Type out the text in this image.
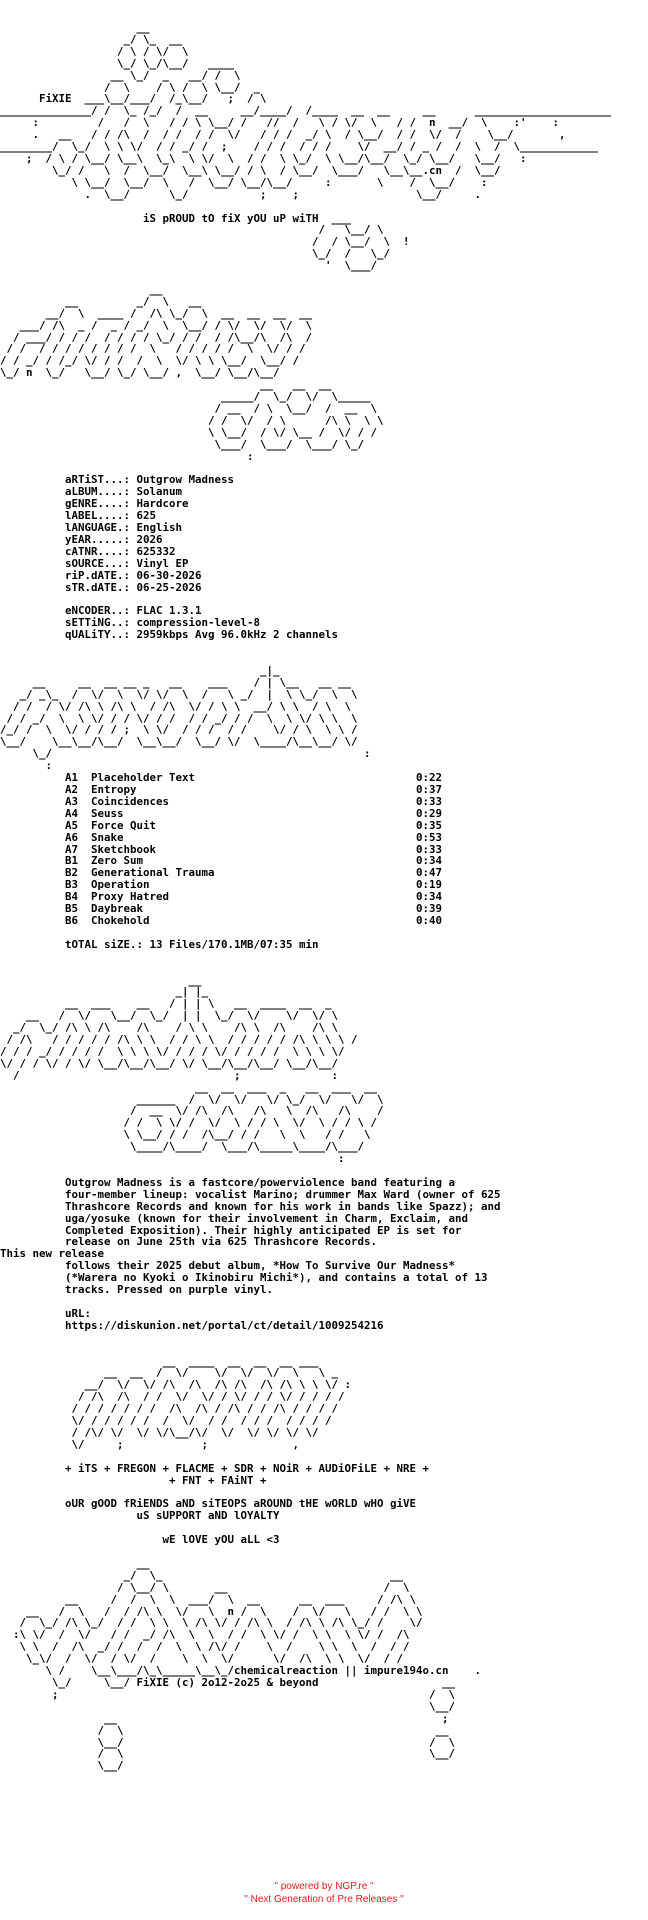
__
_/ \_  __
/ \ / \/  \
\_/ \_/\__/   ____
__ \_/  _   __/ /  \
/  \    / \ /  \ \__/  _
FiXIE  ___\__/___/  /_\__/   ;  / \
______________/ /  \_ /_/  /  __     __/____/  /____  __  __     __      _____________________
:         /   /  \   / / \ \__/ /   //  /   \ / \/  \   / /  n  __/  \    :'    :
.   __   / / /\  /  / /  / /  \/   / / /  _/ \  / \__/  / /  \/  /    \__/       ,
________/  \_/  \ \ \/  / / _/ /  ;    / / /  / / /    \/  __/ / _ /  /  \  /  \____________
;  / \ / \__/ \__\  \_\  \ \/  \  / /  \ \_/  \ \__/\__/  \_/ \__/   \__/   :
\_/ /   \  /  \__/  \__\ \__/ / \  / \__/  \___/   \__\__.cn  /  \__/
\ \__/  \__/  \   /  \__/ \__/\__/     :       \    /  \__/    :
.  \__/      \_/           ;    ;                  \__/     .

iS pROUD tO fiX yOU uP wiTH  ___
/   \__/ \
/  / \__/  \  !
\_/  /   \_/
'  \___/

__
__         _/  \   __
__/  \  ____ /  /\ \_/  \  __  __  __  __
___/ /\  _ /  _ / _/  \  \__/ / \/  \/  \/  \
/ ___/ / / /  / / / / \_/ / /  / /\__/\  /\  /
/ /  / / / / / / / /  \   / / / / /  \  \/ / /
/ / _/ / /_/ \/ / /  /  \  \/ \ \ \__/  \__/ /
\_/ n  \_/   \__/ \_/ \__/ ,  \__/ \__/\__/
__   __  __
_____/  \_/  \/  \_____
/ __  / \  \__/  /  __  \
/ /  \/  / \      /\ \  \ \
\ \__/  / \/ \__ /  \/ / /
\___/  \___/  \___/ \_/
:

aRTiST...: Outgrow Madness
aLBUM....: Solanum
gENRE....: Hardcore
lABEL....: 625
lANGUAGE.: English
yEAR.....: 2026
cATNR....: 625332
sOURCE...: Vinyl EP
riP.dATE.: 06-30-2026
sTR.dATE.: 06-25-2026

eNCODER..: FLAC 1.3.1
sETTiNG..: compression-level-8
qUALiTY..: 2959kbps Avg 96.0kHz 2 channels

_|_
__     __  __ __ _   __    ___    / | \__   __ __
_/ _\_  /  \/  \  \/ \/  \  /   \ _/  |  \ \_/  \  \
/ /  / \/ /\ \ /\ \  / /\  \/ / \ \  __/ \ \  / \  \
/ / _/  \  \ \/ / / \/ / /  / / _/ / /  \  \ \/ \ \  \
/_/ /  \  \/ / / / ;  \ \/  / / /  / /    \/ / \  \ \ /
\__/    \__\__/\__/  \__\__/  \__/ \/  \____/\__\__/ \/
\_/                                                :
:
A1  Placeholder Text                                  0:22
A2  Entropy                                           0:37
A3  Coincidences                                      0:33
A4  Seuss                                             0:29
A5  Force Quit                                        0:35
A6  Snake                                             0:53
A7  Sketchbook                                        0:33
B1  Zero Sum                                          0:34
B2  Generational Trauma                               0:47
B3  Operation                                         0:19
B4  Proxy Hatred                                      0:34
B5  Daybreak                                          0:39
B6  Chokehold                                         0:40

tOTAL siZE.: 13 Files/170.1MB/07:35 min

__
_| |_
__  ___    __   / | | \   __  ____  __  _
__   /  \/   \__/  \_/  | |  \_/  \/    \/  \/ \
_/  \_/ /\ \ /\    /\    / \ \    /\ \  /\    /\ \
/ /\   / / / / / /\ \ \  / / \ \  / / / / / /\ \ \ \ /
/ / / _/ / / / /  \ \ \ \/ / / / \/ / / / /  \ \ \ \/
\/ / / \/ / \/ \__/\__/\__/ \/ \__/\__/\__/ \__/\__/
/                                 ;              :
__  __  ___  _   __  ___  __
______  /  \/  \/   \/ \_/  \/   \/  \
/  __  \/ /\  /\   /\   \  /\   /\    /
/ /  \ \/ /  \/  \ / / \  \/  \ / / \ /
\ \__/ / /  /\__/ / /   \  \   / /   \
\____/\____/  \___/\_____\____/\___/
:

Outgrow Madness is a fastcore/powerviolence band featuring a
four-member lineup: vocalist Marino; drummer Max Ward (owner of 625
Thrashcore Records and known for his work in bands like Spazz); and
uga/yosuke (known for their involvement in Charm, Exclaim, and
Completed Exposition). Their highly anticipated EP is set for
release on June 25th via 625 Thrashcore Records.
This new release
follows their 2025 debut album, *How To Survive Our Madness*
(*Warera no Kyoki o Ikinobiru Michi*), and contains a total of 13
tracks. Pressed on purple vinyl.

uRL:
https://diskunion.net/portal/ct/detail/1009254216

__  ____  __  __  __ ___
__  __  /  \/    \/  \/  \/  \   \ _
__/  \/  \/ /\  /\  /\ /\  /\ /\ \ \ \/ :
/ /\  /\  / /  \/  \/ / \/ / / \/ / / / /
/ / / / / / /  /\  /\ / /\ / / /\ / / / /
\/ / / / / /  /  \/  / /  / / /  / / / /
/ /\/ \/  \/ \/\__/\/  \/  \/ \/ \/ \/
\/     ;            ;             ,

+ iTS + FREGON + FLACME + SDR + NOiR + AUDiOFiLE + NRE +
+ FNT + FAiNT +

oUR gOOD fRiENDS aND siTEOPS aROUND tHE wORLD wHO giVE
uS sUPPORT aND lOYALTY

wE lOVE yOU aLL <3

__
_/  \_                                   __
/ \__/ \       __                        /  \
__     /  /  \  \  ___/  \  __      __  ___     / /\ \
__   /  \   /  / /\ \  \/   \  n /  \    /  \/   \   / /  \ \
/  \_/ /\ \_/  / /  \ \  \ /\ \/ / /\ \  / /\ \ /\ \_/ /    \/
:\ \/  /  \/   / /  _/ /\  \  \  / /  \ \/ /  \ \  \ \/ /  /\
\ \  /  /\  _/ /  /  /  \  \ /\/ /    \  /    \ \  \  /  / /
\_\/  /  \/  / \/  /    \  \  \/      \/  /\  \ \  \/  / /
\ /    \__\___/\_\_____\__\_/chemicalreaction || impure194o.cn    .
\_/     \__/ FiXIE (c) 2o12-2o25 & beyond                   __
;                                                         /  \
\__/
__                                                  ;
/  \                                                __
\__/                                               /  \
/  \                                               \__/
\__/

" powered by NGP.re "
" Next Generation of Pre Releases "
